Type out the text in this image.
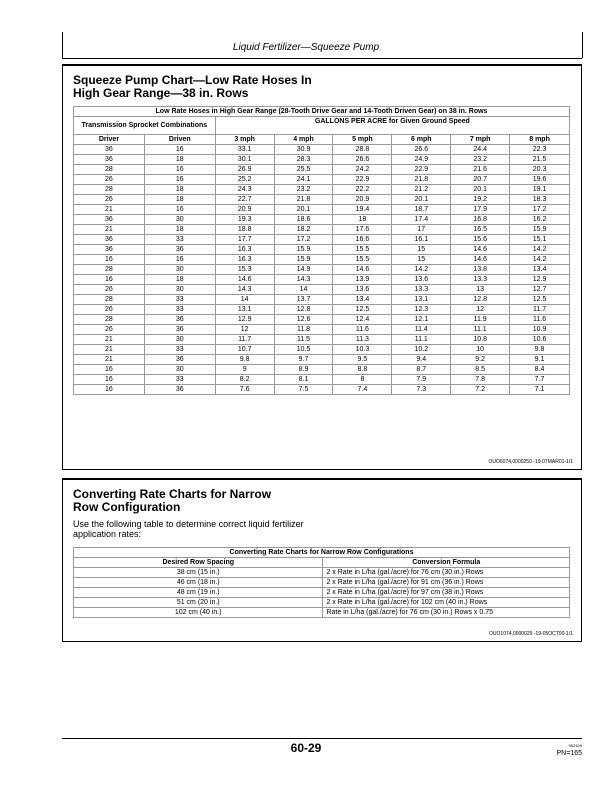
Liquid Fertilizer—Squeeze Pump
Squeeze Pump Chart—Low Rate Hoses In
High Gear Range—38 in. Rows
Low Rate Hoses in High Gear Range (28-Tooth Drive Gear and 14-Tooth Driven Gear) on 38 in. Rows							
Transmission Sprocket Combinations		GALLONS PER ACRE for Given Ground Speed					
Driver	Driven	3 mph	4 mph	5 mph	6 mph	7 mph	8 mph
36	16	33.1	30.9	28.8	26.6	24.4	22.3
36	18	30.1	28.3	26.6	24.9	23.2	21.5
28	16	26.9	25.5	24.2	22.9	21.6	20.3
26	16	25.2	24.1	22.9	21.8	20.7	19.6
28	18	24.3	23.2	22.2	21.2	20.1	19.1
26	18	22.7	21.8	20.9	20.1	19.2	18.3
21	16	20.9	20.1	19.4	18.7	17.9	17.2
36	30	19.3	18.6	18	17.4	16.8	16.2
21	18	18.8	18.2	17.6	17	16.5	15.9
36	33	17.7	17.2	16.6	16.1	15.6	15.1
36	36	16.3	15.9	15.5	15	14.6	14.2
16	16	16.3	15.9	15.5	15	14.6	14.2
28	30	15.3	14.9	14.6	14.2	13.8	13.4
16	18	14.6	14.3	13.9	13.6	13.3	12.9
26	30	14.3	14	13.6	13.3	13	12.7
28	33	14	13.7	13.4	13.1	12.8	12.5
26	33	13.1	12.8	12.5	12.3	12	11.7
28	36	12.9	12.6	12.4	12.1	11.9	11.6
26	36	12	11.8	11.6	11.4	11.1	10.9
21	30	11.7	11.5	11.3	11.1	10.8	10.6
21	33	10.7	10.5	10.3	10.2	10	9.8
21	36	9.8	9.7	9.5	9.4	9.2	9.1
16	30	9	8.9	8.8	8.7	8.5	8.4
16	33	8.2	8.1	8	7.9	7.8	7.7
16	36	7.6	7.5	7.4	7.3	7.2	7.1
OUO6074,0000250 -19-07MAR01-1/1
Converting Rate Charts for Narrow
Row Configuration
Use the following table to determine correct liquid fertilizer
application rates:
Converting Rate Charts for Narrow Row Configurations	
Desired Row Spacing	Conversion Formula
38 cm (15 in.)	2 x Rate in L/ha (gal./acre) for 76 cm (30 in.) Rows
46 cm (18 in.)	2 x Rate in L/ha (gal./acre) for 91 cm (36 in.) Rows
48 cm (19 in.)	2 x Rate in L/ha (gal./acre) for 97 cm (38 in.) Rows
51 cm (20 in.)	2 x Rate in L/ha (gal./acre) for 102 cm (40 in.) Rows
102 cm (40 in.)	Rate in L/ha (gal./acre) for 76 cm (30 in.) Rows x 0.75
OUO1074,0000029 -19-05OCT00-1/1
60-29	062109
PN=165
